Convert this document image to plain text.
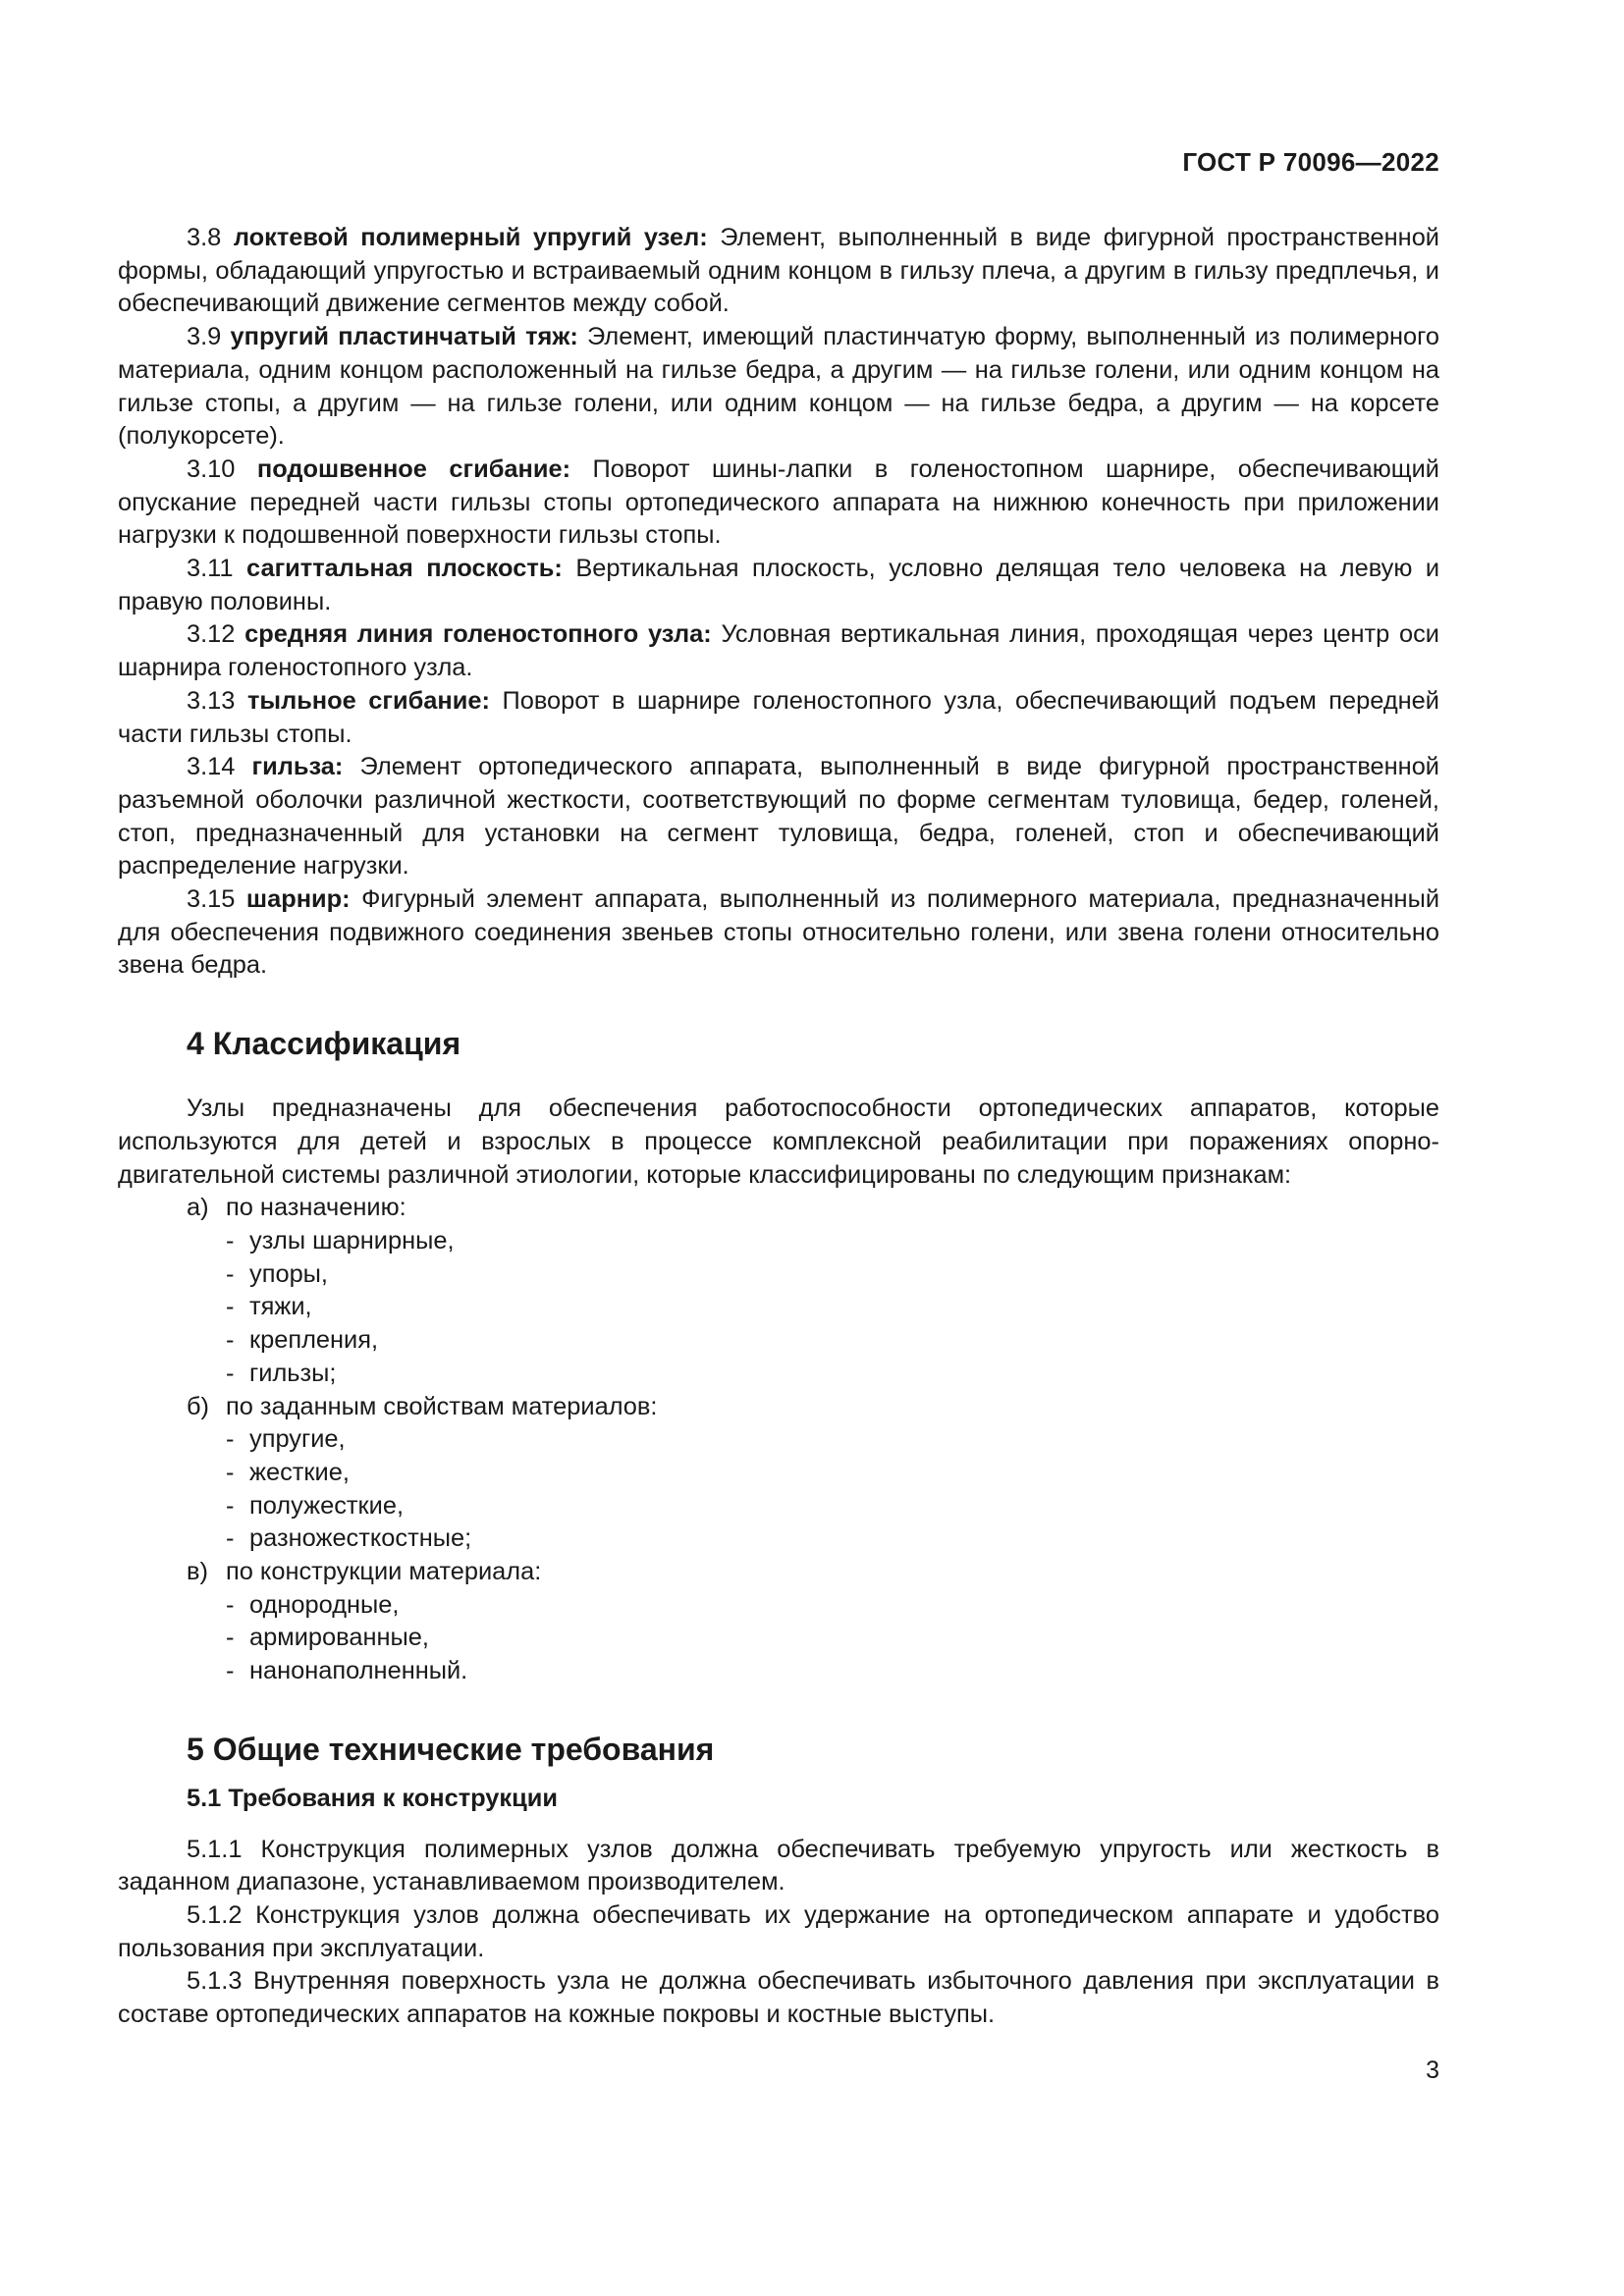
ГОСТ Р 70096—2022

3.8 локтевой полимерный упругий узел: Элемент, выполненный в виде фигурной пространственной формы, обладающий упругостью и встраиваемый одним концом в гильзу плеча, а другим в гильзу предплечья, и обеспечивающий движение сегментов между собой.

3.9 упругий пластинчатый тяж: Элемент, имеющий пластинчатую форму, выполненный из полимерного материала, одним концом расположенный на гильзе бедра, а другим — на гильзе голени, или одним концом на гильзе стопы, а другим — на гильзе голени, или одним концом — на гильзе бедра, а другим — на корсете (полукорсете).

3.10 подошвенное сгибание: Поворот шины-лапки в голеностопном шарнире, обеспечивающий опускание передней части гильзы стопы ортопедического аппарата на нижнюю конечность при приложении нагрузки к подошвенной поверхности гильзы стопы.

3.11 сагиттальная плоскость: Вертикальная плоскость, условно делящая тело человека на левую и правую половины.

3.12 средняя линия голеностопного узла: Условная вертикальная линия, проходящая через центр оси шарнира голеностопного узла.

3.13 тыльное сгибание: Поворот в шарнире голеностопного узла, обеспечивающий подъем передней части гильзы стопы.

3.14 гильза: Элемент ортопедического аппарата, выполненный в виде фигурной пространственной разъемной оболочки различной жесткости, соответствующий по форме сегментам туловища, бедер, голеней, стоп, предназначенный для установки на сегмент туловища, бедра, голеней, стоп и обеспечивающий распределение нагрузки.

3.15 шарнир: Фигурный элемент аппарата, выполненный из полимерного материала, предназначенный для обеспечения подвижного соединения звеньев стопы относительно голени, или звена голени относительно звена бедра.

4 Классификация

Узлы предназначены для обеспечения работоспособности ортопедических аппаратов, которые используются для детей и взрослых в процессе комплексной реабилитации при поражениях опорно-двигательной системы различной этиологии, которые классифицированы по следующим признакам:

а) по назначению:
- узлы шарнирные,
- упоры,
- тяжи,
- крепления,
- гильзы;
б) по заданным свойствам материалов:
- упругие,
- жесткие,
- полужесткие,
- разножесткостные;
в) по конструкции материала:
- однородные,
- армированные,
- нанонаполненный.
5 Общие технические требования
5.1 Требования к конструкции

5.1.1 Конструкция полимерных узлов должна обеспечивать требуемую упругость или жесткость в заданном диапазоне, устанавливаемом производителем.

5.1.2 Конструкция узлов должна обеспечивать их удержание на ортопедическом аппарате и удобство пользования при эксплуатации.

5.1.3 Внутренняя поверхность узла не должна обеспечивать избыточного давления при эксплуатации в составе ортопедических аппаратов на кожные покровы и костные выступы.

3
